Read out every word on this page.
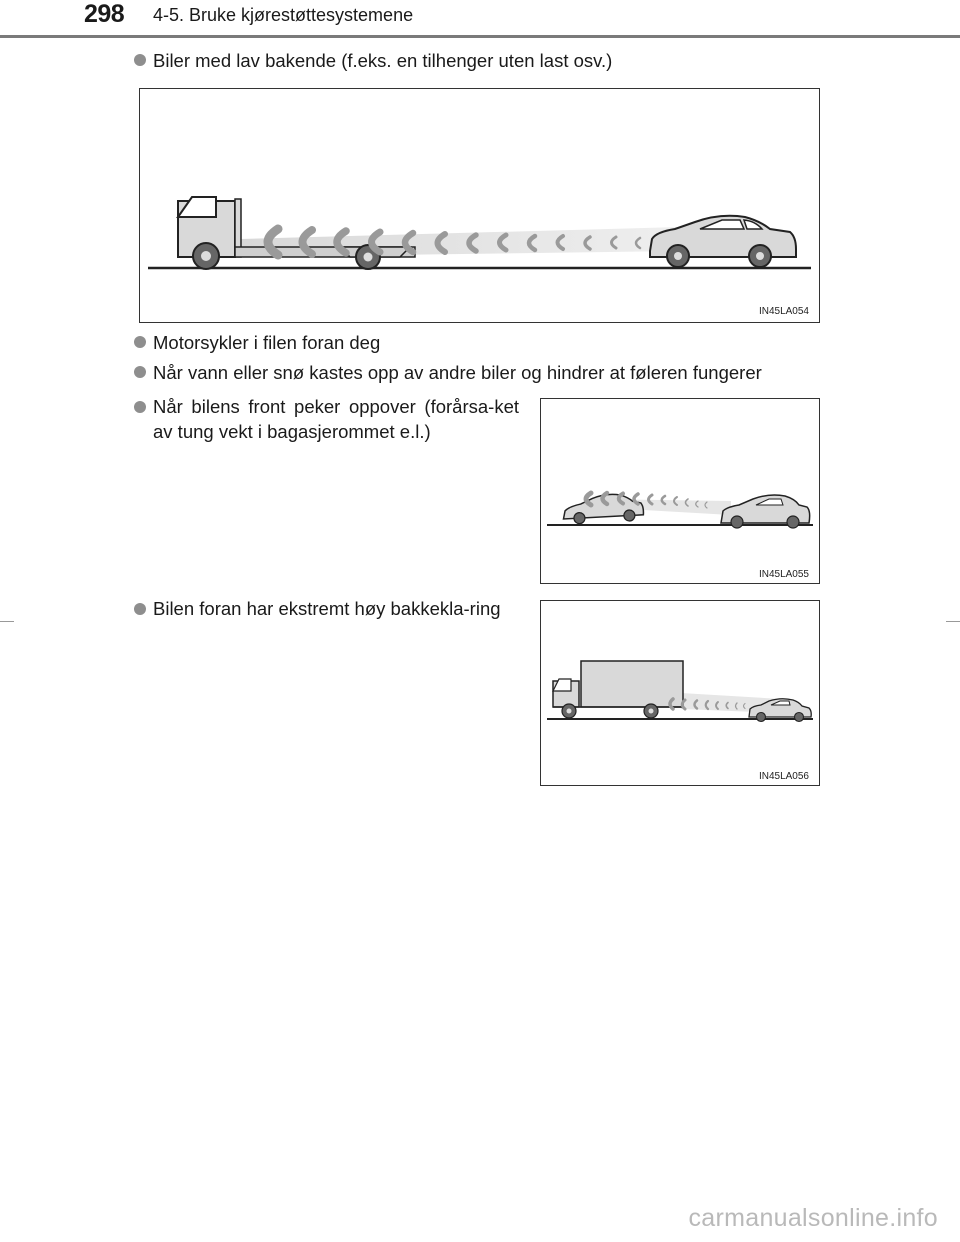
298 4-5. Bruke kjørestøttesystemene
Biler med lav bakende (f.eks. en tilhenger uten last osv.)
IN45LA054
Motorsykler i filen foran deg
Når vann eller snø kastes opp av andre biler og hindrer at føleren fungerer
Når bilens front peker oppover (forårsa-ket av tung vekt i bagasjerommet e.l.)
IN45LA055
Bilen foran har ekstremt høy bakkekla-ring
IN45LA056
carmanualsonline.info
